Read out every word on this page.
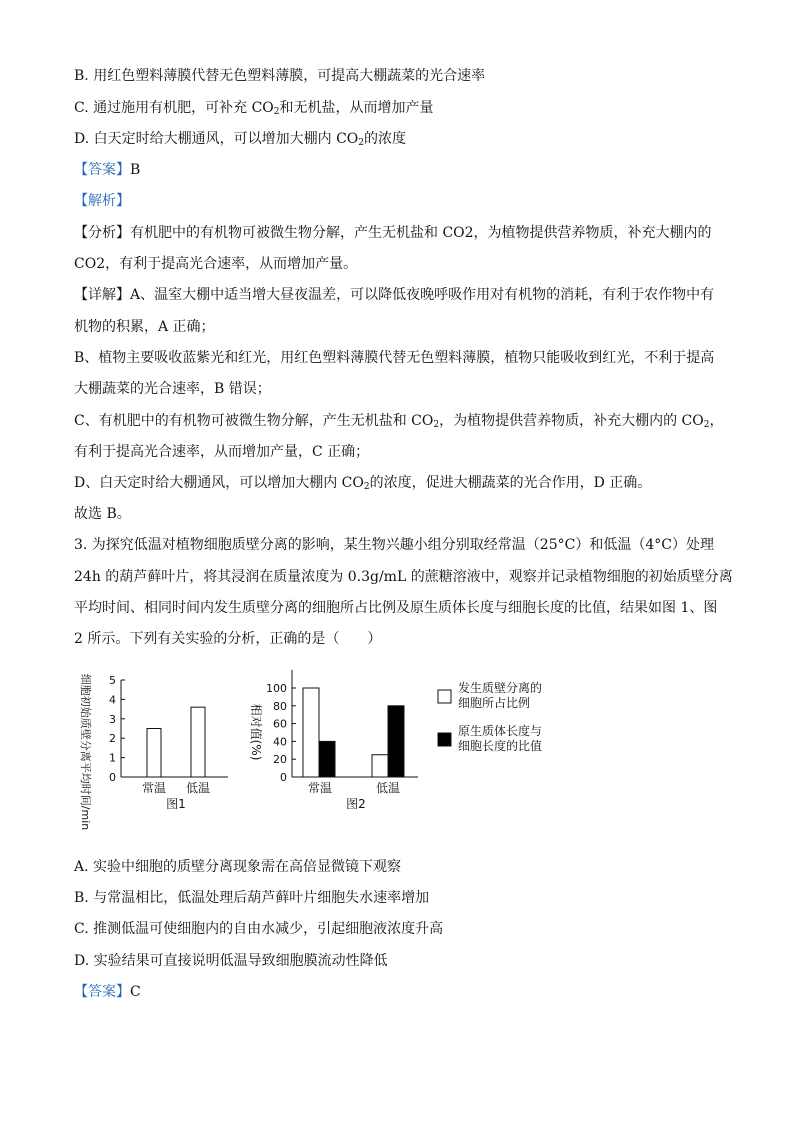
B. 用红色塑料薄膜代替无色塑料薄膜，可提高大棚蔬菜的光合速率
C. 通过施用有机肥，可补充 $CO_2$和无机盐，从而增加产量
D. 白天定时给大棚通风，可以增加大棚内 $CO_2$的浓度
【答案】B
【解析】
【分析】有机肥中的有机物可被微生物分解，产生无机盐和 CO2，为植物提供营养物质，补充大棚内的
CO2，有利于提高光合速率，从而增加产量。
【详解】A、温室大棚中适当增大昼夜温差，可以降低夜晚呼吸作用对有机物的消耗，有利于农作物中有
机物的积累，A 正确；
B、植物主要吸收蓝紫光和红光，用红色塑料薄膜代替无色塑料薄膜，植物只能吸收到红光，不利于提高
大棚蔬菜的光合速率，B 错误；
C、有机肥中的有机物可被微生物分解，产生无机盐和 $CO_2$，为植物提供营养物质，补充大棚内的 $CO_2$，
有利于提高光合速率，从而增加产量，C 正确；
D、白天定时给大棚通风，可以增加大棚内 $CO_2$的浓度，促进大棚蔬菜的光合作用，D 正确。
故选 B。
3. 为探究低温对植物细胞质壁分离的影响，某生物兴趣小组分别取经常温（25°C）和低温（4°C）处理
24h 的葫芦藓叶片，将其浸润在质量浓度为 0.3g/mL 的蔗糖溶液中，观察并记录植物细胞的初始质壁分离
平均时间、相同时间内发生质壁分离的细胞所占比例及原生质体长度与细胞长度的比值，结果如图 1、图
2 所示。下列有关实验的分析，正确的是（　　）
细胞初始质壁分离平均时间/min 0
1
2
3
4
5
常温 低温
图1
相对值(%)
0
20
40
60
80
100
常温	低温
图2
发生质壁分离的
细胞所占比例
原生质体长度与
细胞长度的比值
A. 实验中细胞的质壁分离现象需在高倍显微镜下观察
B. 与常温相比，低温处理后葫芦藓叶片细胞失水速率增加
C. 推测低温可使细胞内的自由水减少，引起细胞液浓度升高
D. 实验结果可直接说明低温导致细胞膜流动性降低
【答案】C
